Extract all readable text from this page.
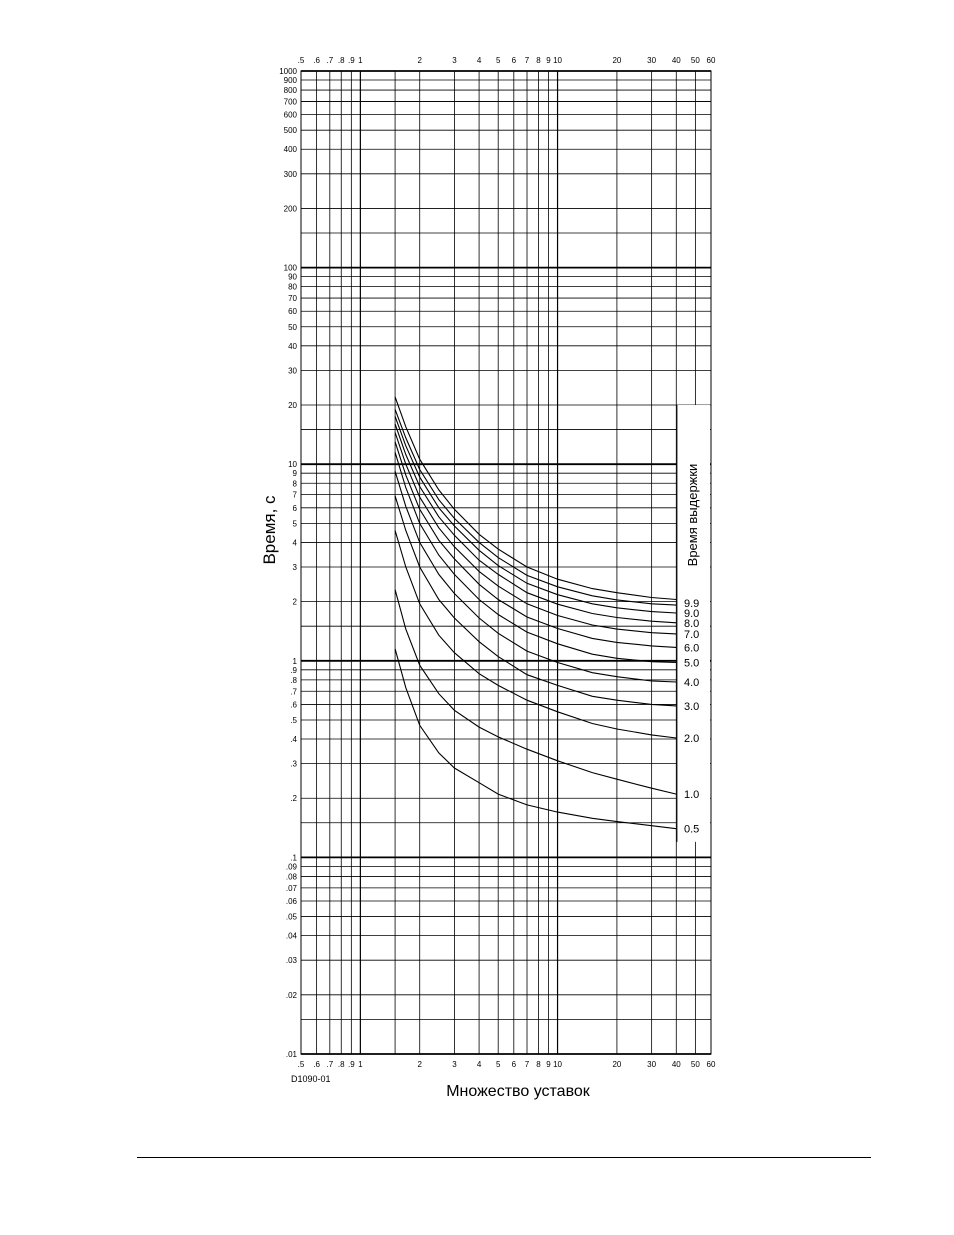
.5
.5
.6
.6
.7
.7
.8
.8
.9
.9
1
1
2
2
3
3
4
4
5
5
6
6
7
7
8
8
9
9
10
10
20
20
30
30
40
40
50
50
60
60
1000
900
800
700
600
500
400
300
200
100
90
80
70
60
50
40
30
20
10
9
8
7
6
5
4
3
2
1
.9
.8
.7
.6
.5
.4
.3
.2
.1
.09
.08
.07
.06
.05
.04
.03
.02
.01
0.5
1.0
2.0
3.0
4.0
5.0
6.0
7.0
8.0
9.0
9.9
Время выдержки
Время, с
Множество уставок
D1090-01
